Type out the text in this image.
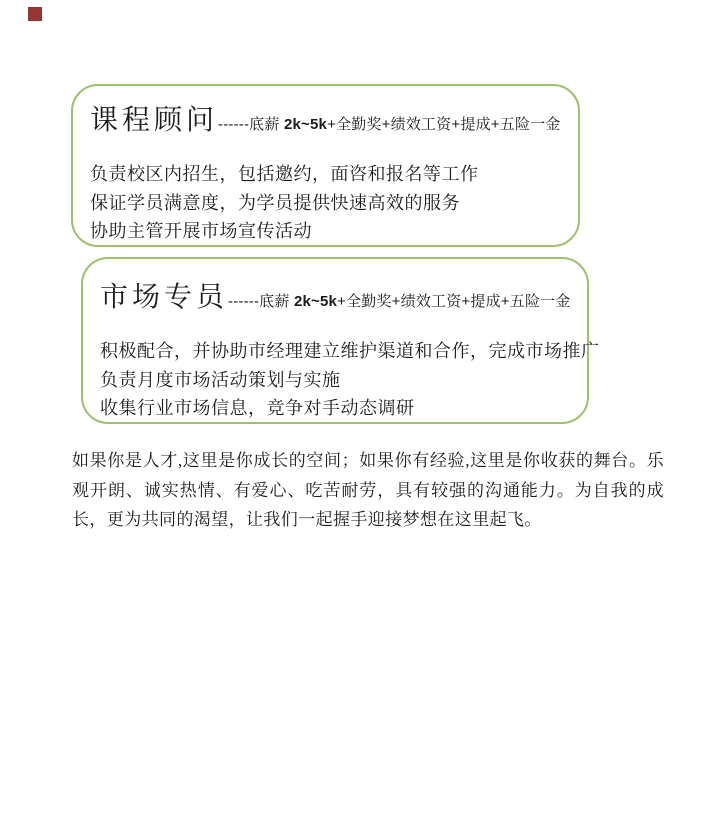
课程顾问------底薪 2k~5k+全勤奖+绩效工资+提成+五险一金
负责校区内招生，包括邀约，面咨和报名等工作
保证学员满意度，为学员提供快速高效的服务
协助主管开展市场宣传活动
市场专员------底薪 2k~5k+全勤奖+绩效工资+提成+五险一金
积极配合，并协助市经理建立维护渠道和合作，完成市场推广
负责月度市场活动策划与实施
收集行业市场信息，竞争对手动态调研
如果你是人才,这里是你成长的空间；如果你有经验,这里是你收获的舞台。乐观开朗、诚实热情、有爱心、吃苦耐劳，具有较强的沟通能力。为自我的成长，更为共同的渴望，让我们一起握手迎接梦想在这里起飞。
